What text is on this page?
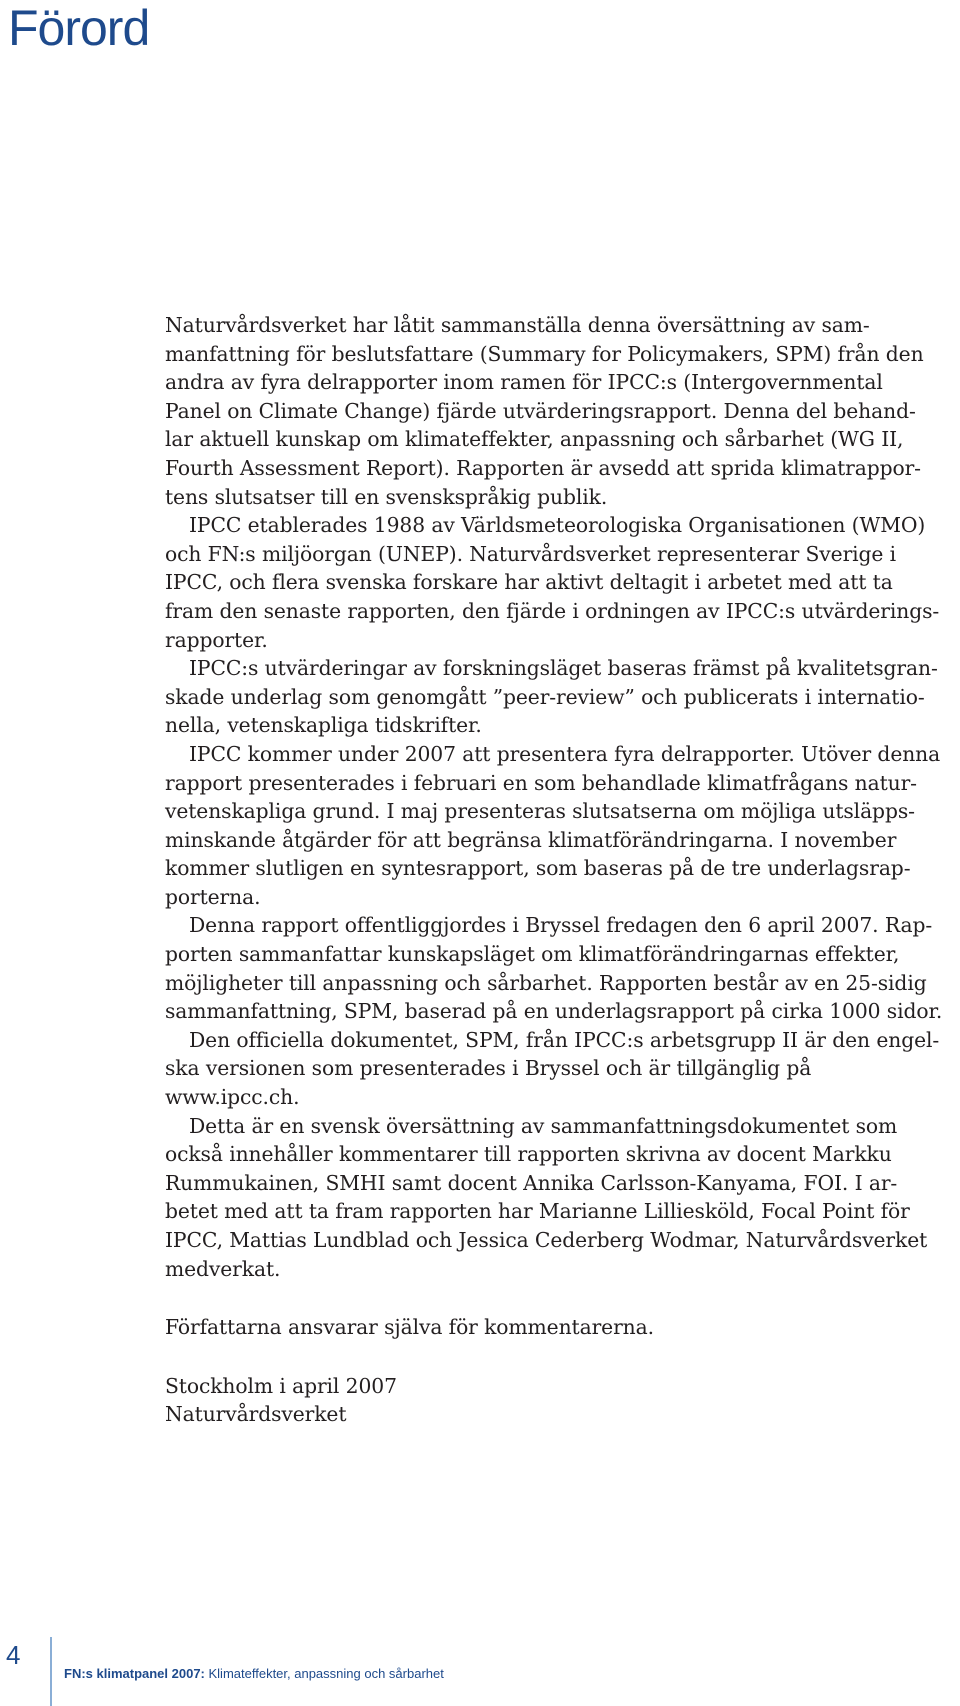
Förord
Naturvårdsverket har låtit sammanställa denna översättning av sam-
manfattning för beslutsfattare (Summary for Policymakers, SPM) från den
andra av fyra delrapporter inom ramen för IPCC:s (Intergovernmental
Panel on Climate Change) fjärde utvärderingsrapport. Denna del behand-
lar aktuell kunskap om klimateffekter, anpassning och sårbarhet (WG II,
Fourth Assessment Report). Rapporten är avsedd att sprida klimatrappor-
tens slutsatser till en svenskspråkig publik.
IPCC etablerades 1988 av Världsmeteorologiska Organisationen (WMO)
och FN:s miljöorgan (UNEP). Naturvårdsverket representerar Sverige i
IPCC, och flera svenska forskare har aktivt deltagit i arbetet med att ta
fram den senaste rapporten, den fjärde i ordningen av IPCC:s utvärderings-
rapporter.
IPCC:s utvärderingar av forskningsläget baseras främst på kvalitetsgran-
skade underlag som genomgått ”peer-review” och publicerats i internatio-
nella, vetenskapliga tidskrifter.
IPCC kommer under 2007 att presentera fyra delrapporter. Utöver denna
rapport presenterades i februari en som behandlade klimatfrågans natur-
vetenskapliga grund. I maj presenteras slutsatserna om möjliga utsläpps-
minskande åtgärder för att begränsa klimatförändringarna. I november
kommer slutligen en syntesrapport, som baseras på de tre underlagsrap-
porterna.
Denna rapport offentliggjordes i Bryssel fredagen den 6 april 2007. Rap-
porten sammanfattar kunskapsläget om klimatförändringarnas effekter,
möjligheter till anpassning och sårbarhet. Rapporten består av en 25-sidig
sammanfattning, SPM, baserad på en underlagsrapport på cirka 1000 sidor.
Den officiella dokumentet, SPM, från IPCC:s arbetsgrupp II är den engel-
ska versionen som presenterades i Bryssel och är tillgänglig på
www.ipcc.ch.
Detta är en svensk översättning av sammanfattningsdokumentet som
också innehåller kommentarer till rapporten skrivna av docent Markku
Rummukainen, SMHI samt docent Annika Carlsson-Kanyama, FOI. I ar-
betet med att ta fram rapporten har Marianne Lilliesköld, Focal Point för
IPCC, Mattias Lundblad och Jessica Cederberg Wodmar, Naturvårdsverket
medverkat.
Författarna ansvarar själva för kommentarerna.
Stockholm i april 2007
Naturvårdsverket
4
FN:s klimatpanel 2007: Klimateffekter, anpassning och sårbarhet
